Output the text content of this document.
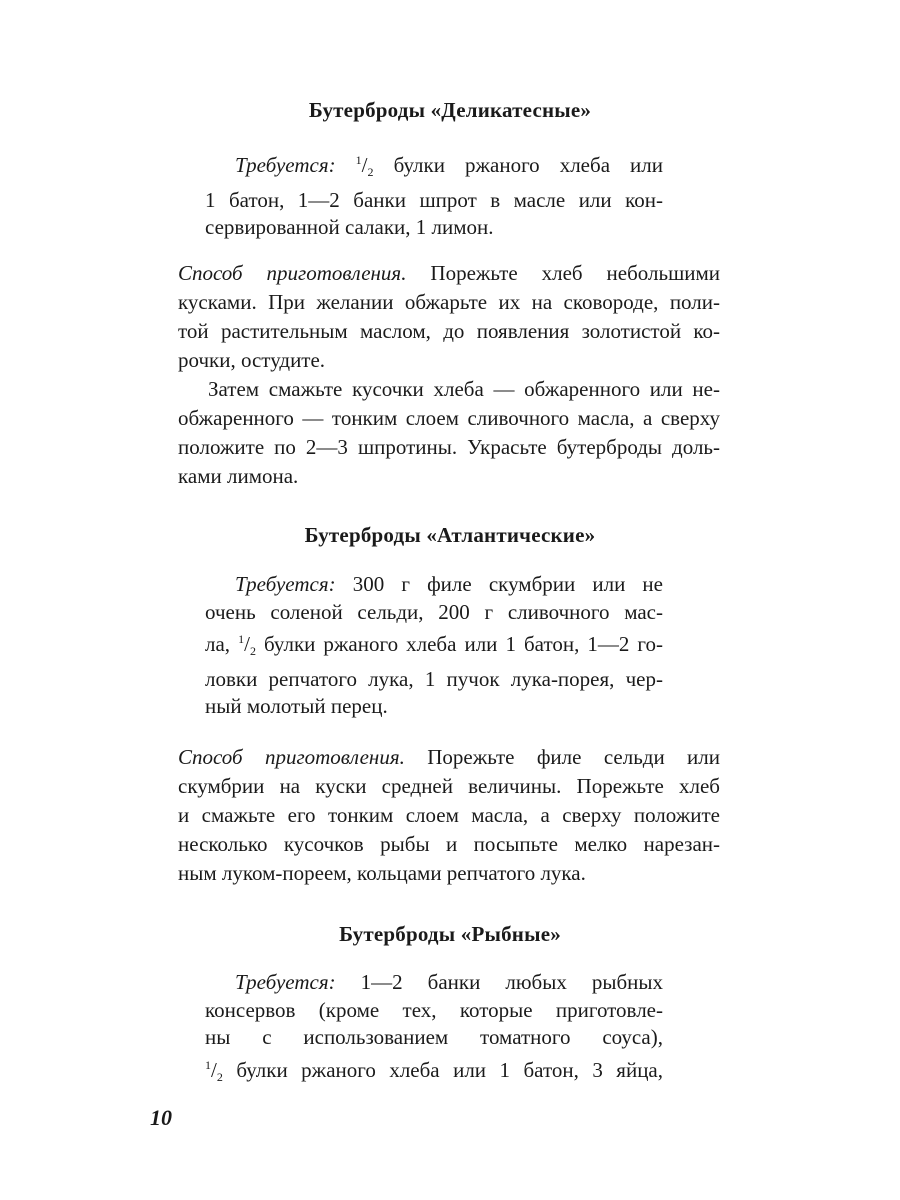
Бутерброды «Деликатесные»
Требуется: $^1/_2$ булки ржаного хлеба или
1 батон, 1—2 банки шпрот в масле или кон-
сервированной салаки, 1 лимон.
Способ приготовления. Порежьте хлеб небольшими
кусками. При желании обжарьте их на сковороде, поли-
той растительным маслом, до появления золотистой ко-
рочки, остудите.
Затем смажьте кусочки хлеба — обжаренного или не-
обжаренного — тонким слоем сливочного масла, а сверху
положите по 2—3 шпротины. Украсьте бутерброды доль-
ками лимона.
Бутерброды «Атлантические»
Требуется: 300 г филе скумбрии или не
очень соленой сельди, 200 г сливочного мас-
ла, $^1/_2$ булки ржаного хлеба или 1 батон, 1—2 го-
ловки репчатого лука, 1 пучок лука-порея, чер-
ный молотый перец.
Способ приготовления. Порежьте филе сельди или
скумбрии на куски средней величины. Порежьте хлеб
и смажьте его тонким слоем масла, а сверху положите
несколько кусочков рыбы и посыпьте мелко нарезан-
ным луком-пореем, кольцами репчатого лука.
Бутерброды «Рыбные»
Требуется: 1—2 банки любых рыбных
консервов (кроме тех, которые приготовле-
ны с использованием томатного соуса),
$^1/_2$ булки ржаного хлеба или 1 батон, 3 яйца,
10
